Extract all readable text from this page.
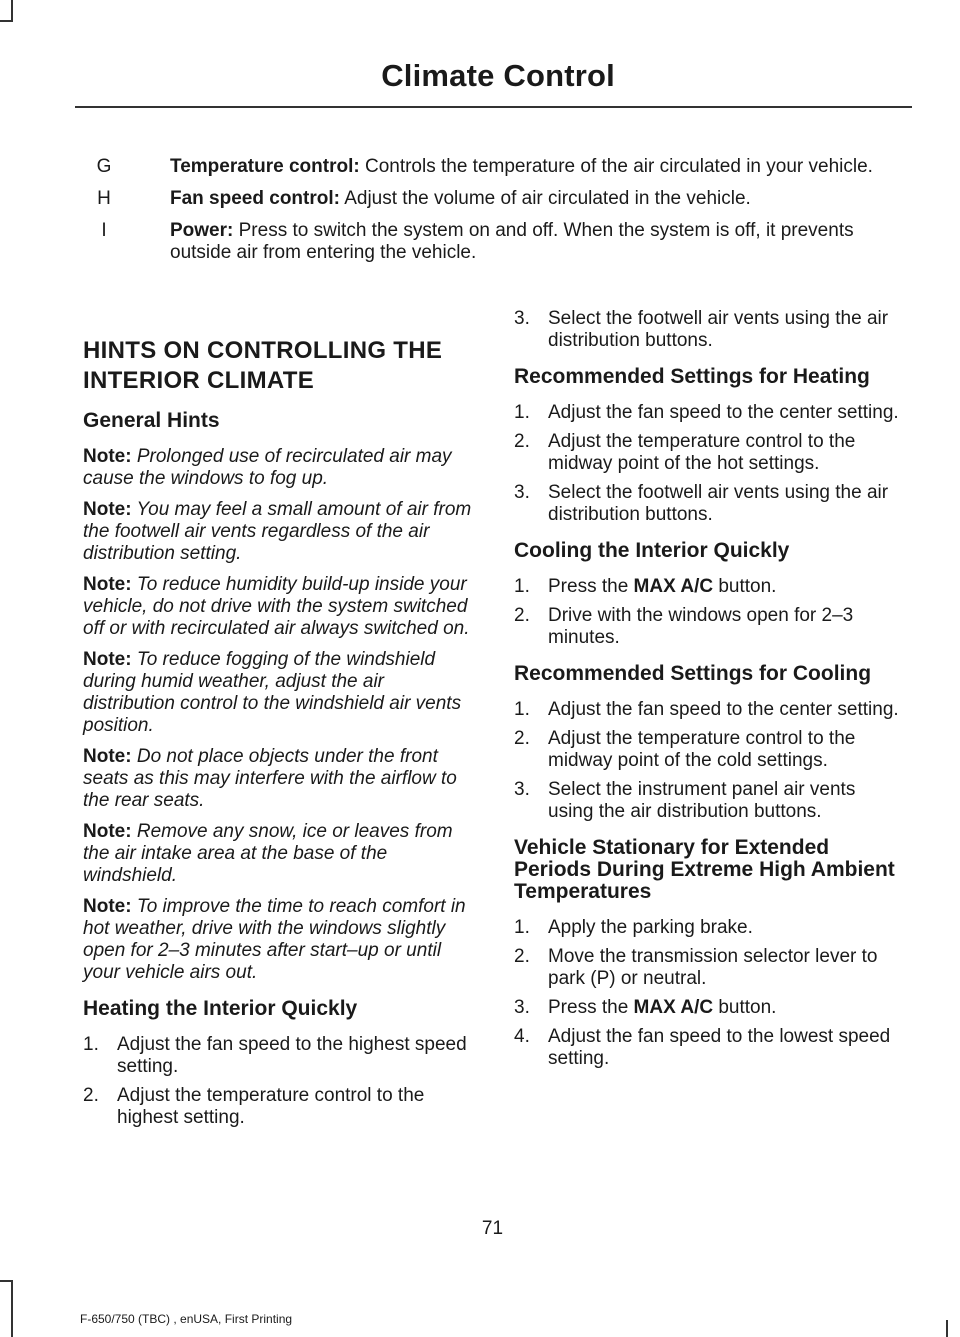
Climate Control
G	Temperature control: Controls the temperature of the air circulated in your vehicle.
H	Fan speed control: Adjust the volume of air circulated in the vehicle.
I	Power: Press to switch the system on and off. When the system is off, it prevents outside air from entering the vehicle.
HINTS ON CONTROLLING THE INTERIOR CLIMATE
General Hints

Note: Prolonged use of recirculated air may cause the windows to fog up.

Note: You may feel a small amount of air from the footwell air vents regardless of the air distribution setting.

Note: To reduce humidity build-up inside your vehicle, do not drive with the system switched off or with recirculated air always switched on.

Note: To reduce fogging of the windshield during humid weather, adjust the air distribution control to the windshield air vents position.

Note: Do not place objects under the front seats as this may interfere with the airflow to the rear seats.

Note: Remove any snow, ice or leaves from the air intake area at the base of the windshield.

Note: To improve the time to reach comfort in hot weather, drive with the windows slightly open for 2–3 minutes after start–up or until your vehicle airs out.

Heating the Interior Quickly
1. Adjust the fan speed to the highest speed setting.
2. Adjust the temperature control to the highest setting.
3. Select the footwell air vents using the air distribution buttons.
Recommended Settings for Heating
1. Adjust the fan speed to the center setting.
2. Adjust the temperature control to the midway point of the hot settings.
3. Select the footwell air vents using the air distribution buttons.
Cooling the Interior Quickly
1. Press the MAX A/C button.
2. Drive with the windows open for 2–3 minutes.
Recommended Settings for Cooling
1. Adjust the fan speed to the center setting.
2. Adjust the temperature control to the midway point of the cold settings.
3. Select the instrument panel air vents using the air distribution buttons.
Vehicle Stationary for Extended Periods During Extreme High Ambient Temperatures
1. Apply the parking brake.
2. Move the transmission selector lever to park (P) or neutral.
3. Press the MAX A/C button.
4. Adjust the fan speed to the lowest speed setting.
71
F-650/750 (TBC) , enUSA, First Printing
